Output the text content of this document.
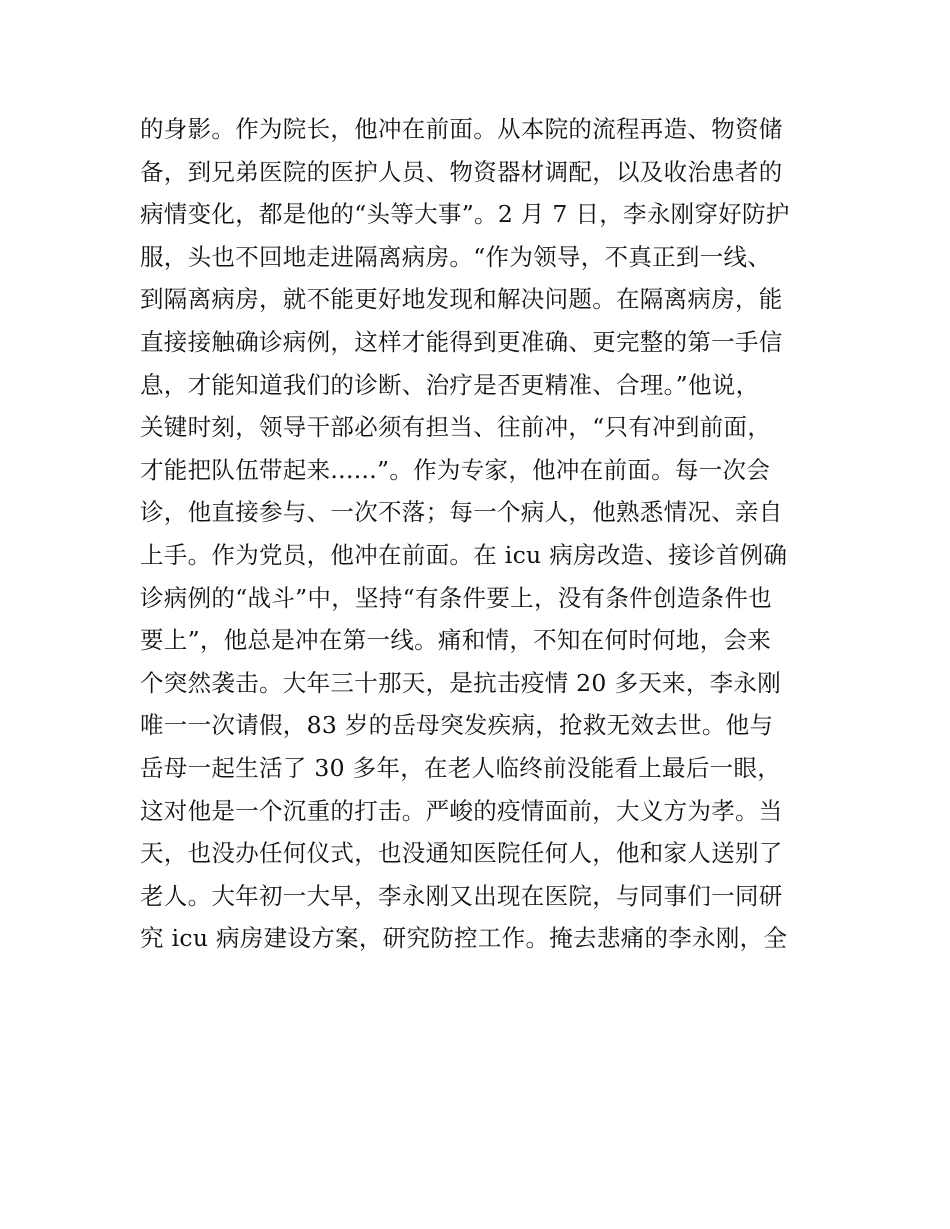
的身影。作为院长，他冲在前面。从本院的流程再造、物资储
备，到兄弟医院的医护人员、物资器材调配，以及收治患者的
病情变化，都是他的“头等大事”。2 月 7 日，李永刚穿好防护
服，头也不回地走进隔离病房。“作为领导，不真正到一线、
到隔离病房，就不能更好地发现和解决问题。在隔离病房，能
直接接触确诊病例，这样才能得到更准确、更完整的第一手信
息，才能知道我们的诊断、治疗是否更精准、合理。”他说，
关键时刻，领导干部必须有担当、往前冲，“只有冲到前面，
才能把队伍带起来......”。作为专家，他冲在前面。每一次会
诊，他直接参与、一次不落；每一个病人，他熟悉情况、亲自
上手。作为党员，他冲在前面。在 icu 病房改造、接诊首例确
诊病例的“战斗”中，坚持“有条件要上，没有条件创造条件也
要上”，他总是冲在第一线。痛和情，不知在何时何地，会来
个突然袭击。大年三十那天，是抗击疫情 20 多天来，李永刚
唯一一次请假，83 岁的岳母突发疾病，抢救无效去世。他与
岳母一起生活了 30 多年，在老人临终前没能看上最后一眼，
这对他是一个沉重的打击。严峻的疫情面前，大义方为孝。当
天，也没办任何仪式，也没通知医院任何人，他和家人送别了
老人。大年初一大早，李永刚又出现在医院，与同事们一同研
究 icu 病房建设方案，研究防控工作。掩去悲痛的李永刚，全
